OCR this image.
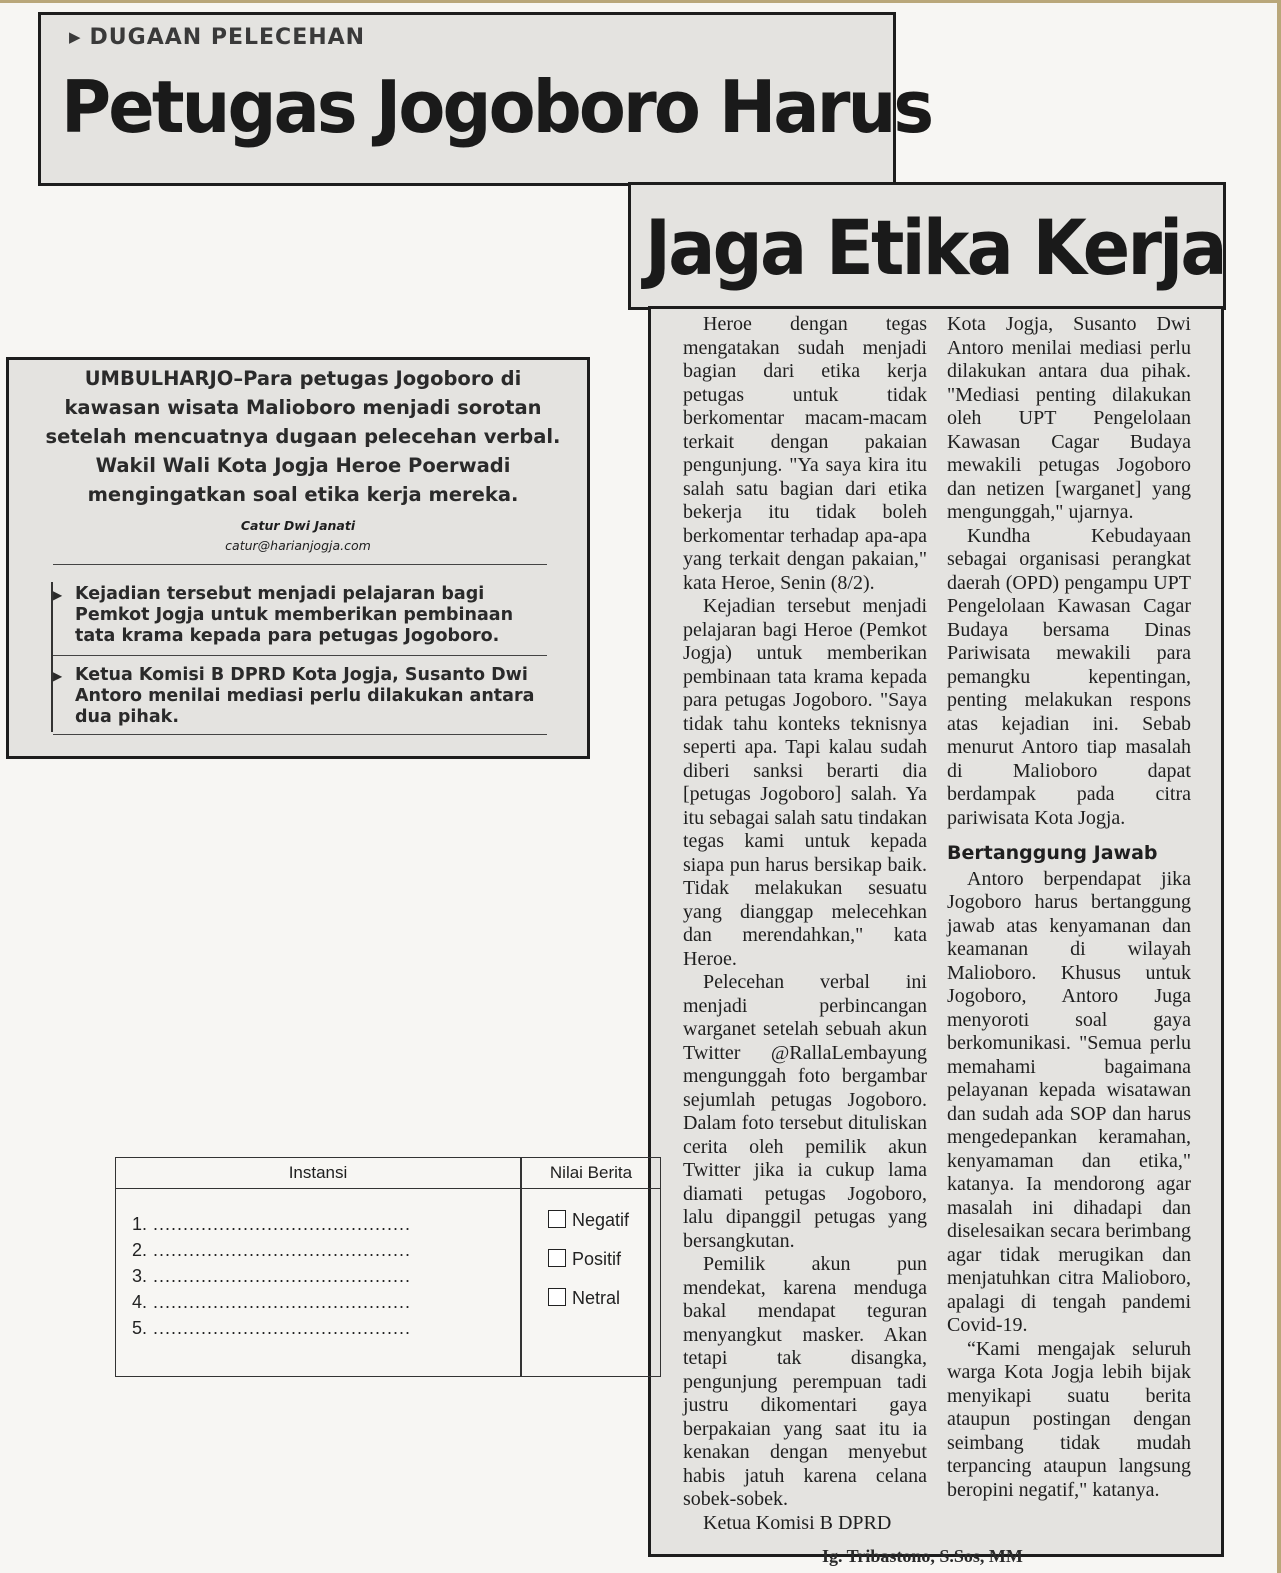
▶ DUGAAN PELECEHAN
Petugas Jogoboro Harus
Jaga Etika Kerja
UMBULHARJO–Para petugas Jogoboro di kawasan wisata Malioboro menjadi sorotan setelah mencuatnya dugaan pelecehan verbal. Wakil Wali Kota Jogja Heroe Poerwadi mengingatkan soal etika kerja mereka.
Catur Dwi Janati
catur@harianjogja.com
▶ Kejadian tersebut menjadi pelajaran bagi Pemkot Jogja untuk memberikan pembinaan tata krama kepada para petugas Jogoboro.
▶ Ketua Komisi B DPRD Kota Jogja, Susanto Dwi Antoro menilai mediasi perlu dilakukan antara dua pihak.

Heroe dengan tegas mengatakan sudah menjadi bagian dari etika kerja petugas untuk tidak berkomentar macam-macam terkait dengan pakaian pengunjung. "Ya saya kira itu salah satu bagian dari etika bekerja itu tidak boleh berkomentar terhadap apa-apa yang terkait dengan pakaian," kata Heroe, Senin (8/2).

Kejadian tersebut menjadi pelajaran bagi Heroe (Pemkot Jogja) untuk memberikan pembinaan tata krama kepada para petugas Jogoboro. "Saya tidak tahu konteks teknisnya seperti apa. Tapi kalau sudah diberi sanksi berarti dia [petugas Jogoboro] salah. Ya itu sebagai salah satu tindakan tegas kami untuk kepada siapa pun harus bersikap baik. Tidak melakukan sesuatu yang dianggap melecehkan dan merendahkan," kata Heroe.

Pelecehan verbal ini menjadi perbincangan warganet setelah sebuah akun Twitter @RallaLembayung mengunggah foto bergambar sejumlah petugas Jogoboro. Dalam foto tersebut dituliskan cerita oleh pemilik akun Twitter jika ia cukup lama diamati petugas Jogoboro, lalu dipanggil petugas yang bersangkutan.

Pemilik akun pun mendekat, karena menduga bakal mendapat teguran menyangkut masker. Akan tetapi tak disangka, pengunjung perempuan tadi justru dikomentari gaya berpakaian yang saat itu ia kenakan dengan menyebut habis jatuh karena celana sobek-sobek.

Ketua Komisi B DPRD

Kota Jogja, Susanto Dwi Antoro menilai mediasi perlu dilakukan antara dua pihak. "Mediasi penting dilakukan oleh UPT Pengelolaan Kawasan Cagar Budaya mewakili petugas Jogoboro dan netizen [warganet] yang mengunggah," ujarnya.

Kundha Kebudayaan sebagai organisasi perangkat daerah (OPD) pengampu UPT Pengelolaan Kawasan Cagar Budaya bersama Dinas Pariwisata mewakili para pemangku kepentingan, penting melakukan respons atas kejadian ini. Sebab menurut Antoro tiap masalah di Malioboro dapat berdampak pada citra pariwisata Kota Jogja.

Bertanggung Jawab

Antoro berpendapat jika Jogoboro harus bertanggung jawab atas kenyamanan dan keamanan di wilayah Malioboro. Khusus untuk Jogoboro, Antoro Juga menyoroti soal gaya berkomunikasi. "Semua perlu memahami bagaimana pelayanan kepada wisatawan dan sudah ada SOP dan harus mengedepankan keramahan, kenyamaman dan etika," katanya. Ia mendorong agar masalah ini dihadapi dan diselesaikan secara berimbang agar tidak merugikan dan menjatuhkan citra Malioboro, apalagi di tengah pandemi Covid-19.

“Kami mengajak seluruh warga Kota Jogja lebih bijak menyikapi suatu berita ataupun postingan dengan seimbang tidak mudah terpancing ataupun langsung beropini negatif," katanya.

Instansi	Nilai Berita
1. ...........................................
2. ...........................................
3. ...........................................
4. ...........................................
5. ...........................................
Negatif
Positif
Netral
Ig. Tribastono, S.Sos, MM
